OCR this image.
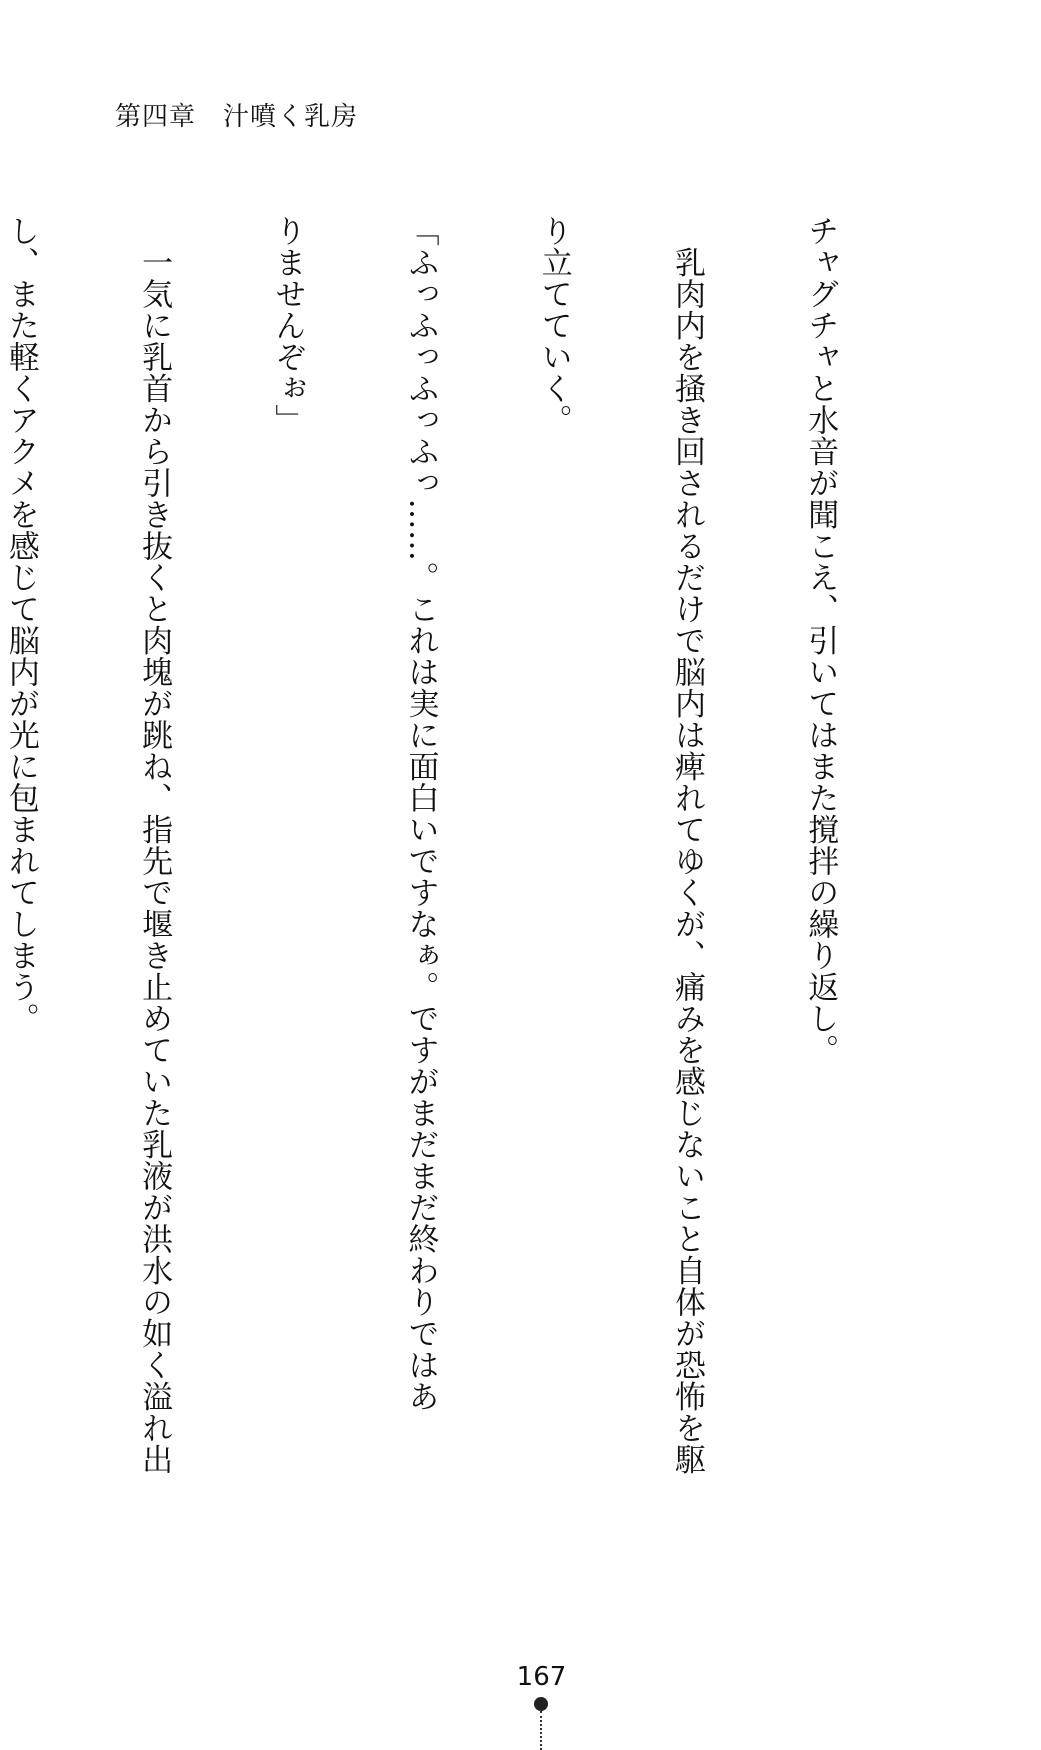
第四章　汁噴く乳房

チャグチャと水音が聞こえ、引いてはまた撹拌の繰り返し。

　乳肉内を掻き回されるだけで脳内は痺れてゆくが、痛みを感じないこと自体が恐怖を駆

り立てていく。

「ふっふっふっふっ……。これは実に面白いですなぁ。ですがまだまだ終わりではあ

りませんぞぉ」

　一気に乳首から引き抜くと肉塊が跳ね、指先で堰き止めていた乳液が洪水の如く溢れ出

し、また軽くアクメを感じて脳内が光に包まれてしまう。

167
